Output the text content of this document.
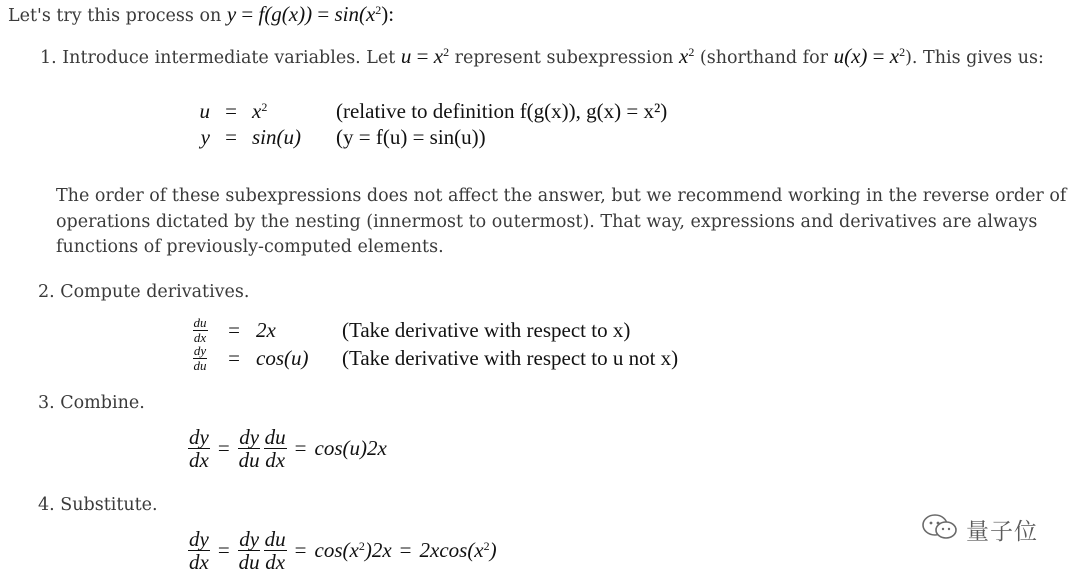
Let's try this process on $y = f(g(x)) = \sin(x^2)$:
1. Introduce intermediate variables. Let $u = x^2$ represent subexpression $x^2$ (shorthand for $u(x) = x^2$). This gives us:
$u = x^2$	(relative to definition f(g(x)), g(x) = x²)
y = sin(u)	(y = f(u) = sin(u))
The order of these subexpressions does not affect the answer, but we recommend working in the reverse order of operations dictated by the nesting (innermost to outermost). That way, expressions and derivatives are always functions of previously-computed elements.
2. Compute derivatives.
$\frac{du}{dx} = 2x$	(Take derivative with respect to x)
$\frac{dy}{du} = \cos(u)$	(Take derivative with respect to u not x)
3. Combine.
$\frac{dy}{dx} = \frac{dy}{du} \frac{du}{dx} = \cos(u)2x$
4. Substitute.
$\frac{dy}{dx} = \frac{dy}{du} \frac{du}{dx} = \cos(x^2)2x = 2xcos(x^2)$
量子位
